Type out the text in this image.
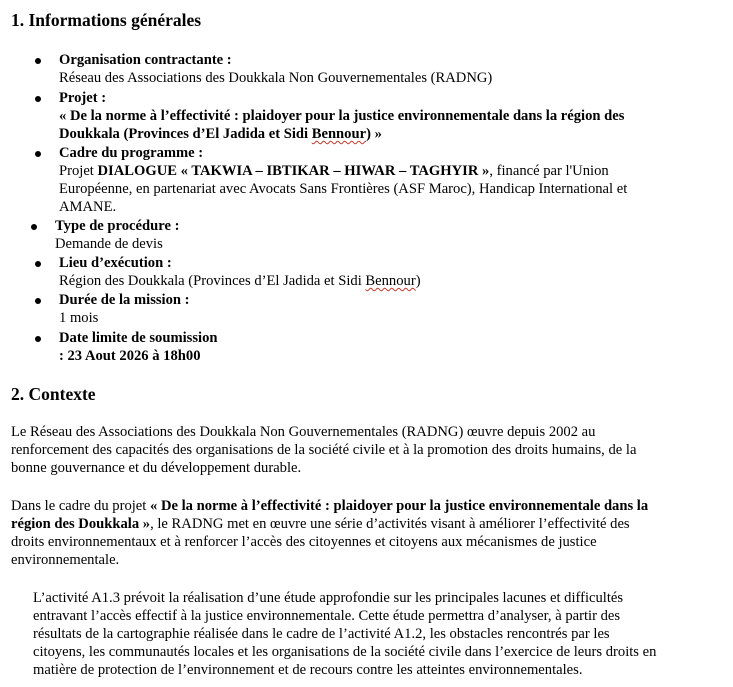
1. Informations générales
Organisation contractante :
Réseau des Associations des Doukkala Non Gouvernementales (RADNG)
Projet :
« De la norme à l’effectivité : plaidoyer pour la justice environnementale dans la région des
Doukkala (Provinces d’El Jadida et Sidi Bennour) »
Cadre du programme :
Projet DIALOGUE « TAKWIA – IBTIKAR – HIWAR – TAGHYIR », financé par l'Union
Européenne, en partenariat avec Avocats Sans Frontières (ASF Maroc), Handicap International et
AMANE.
Type de procédure :
Demande de devis
Lieu d’exécution :
Région des Doukkala (Provinces d’El Jadida et Sidi Bennour)
Durée de la mission :
1 mois
Date limite de soumission
: 23 Aout 2026 à 18h00
2. Contexte

Le Réseau des Associations des Doukkala Non Gouvernementales (RADNG) œuvre depuis 2002 au

renforcement des capacités des organisations de la société civile et à la promotion des droits humains, de la

bonne gouvernance et du développement durable.

Dans le cadre du projet « De la norme à l’effectivité : plaidoyer pour la justice environnementale dans la

région des Doukkala », le RADNG met en œuvre une série d’activités visant à améliorer l’effectivité des

droits environnementaux et à renforcer l’accès des citoyennes et citoyens aux mécanismes de justice

environnementale.

L’activité A1.3 prévoit la réalisation d’une étude approfondie sur les principales lacunes et difficultés

entravant l’accès effectif à la justice environnementale. Cette étude permettra d’analyser, à partir des

résultats de la cartographie réalisée dans le cadre de l’activité A1.2, les obstacles rencontrés par les

citoyens, les communautés locales et les organisations de la société civile dans l’exercice de leurs droits en

matière de protection de l’environnement et de recours contre les atteintes environnementales.
